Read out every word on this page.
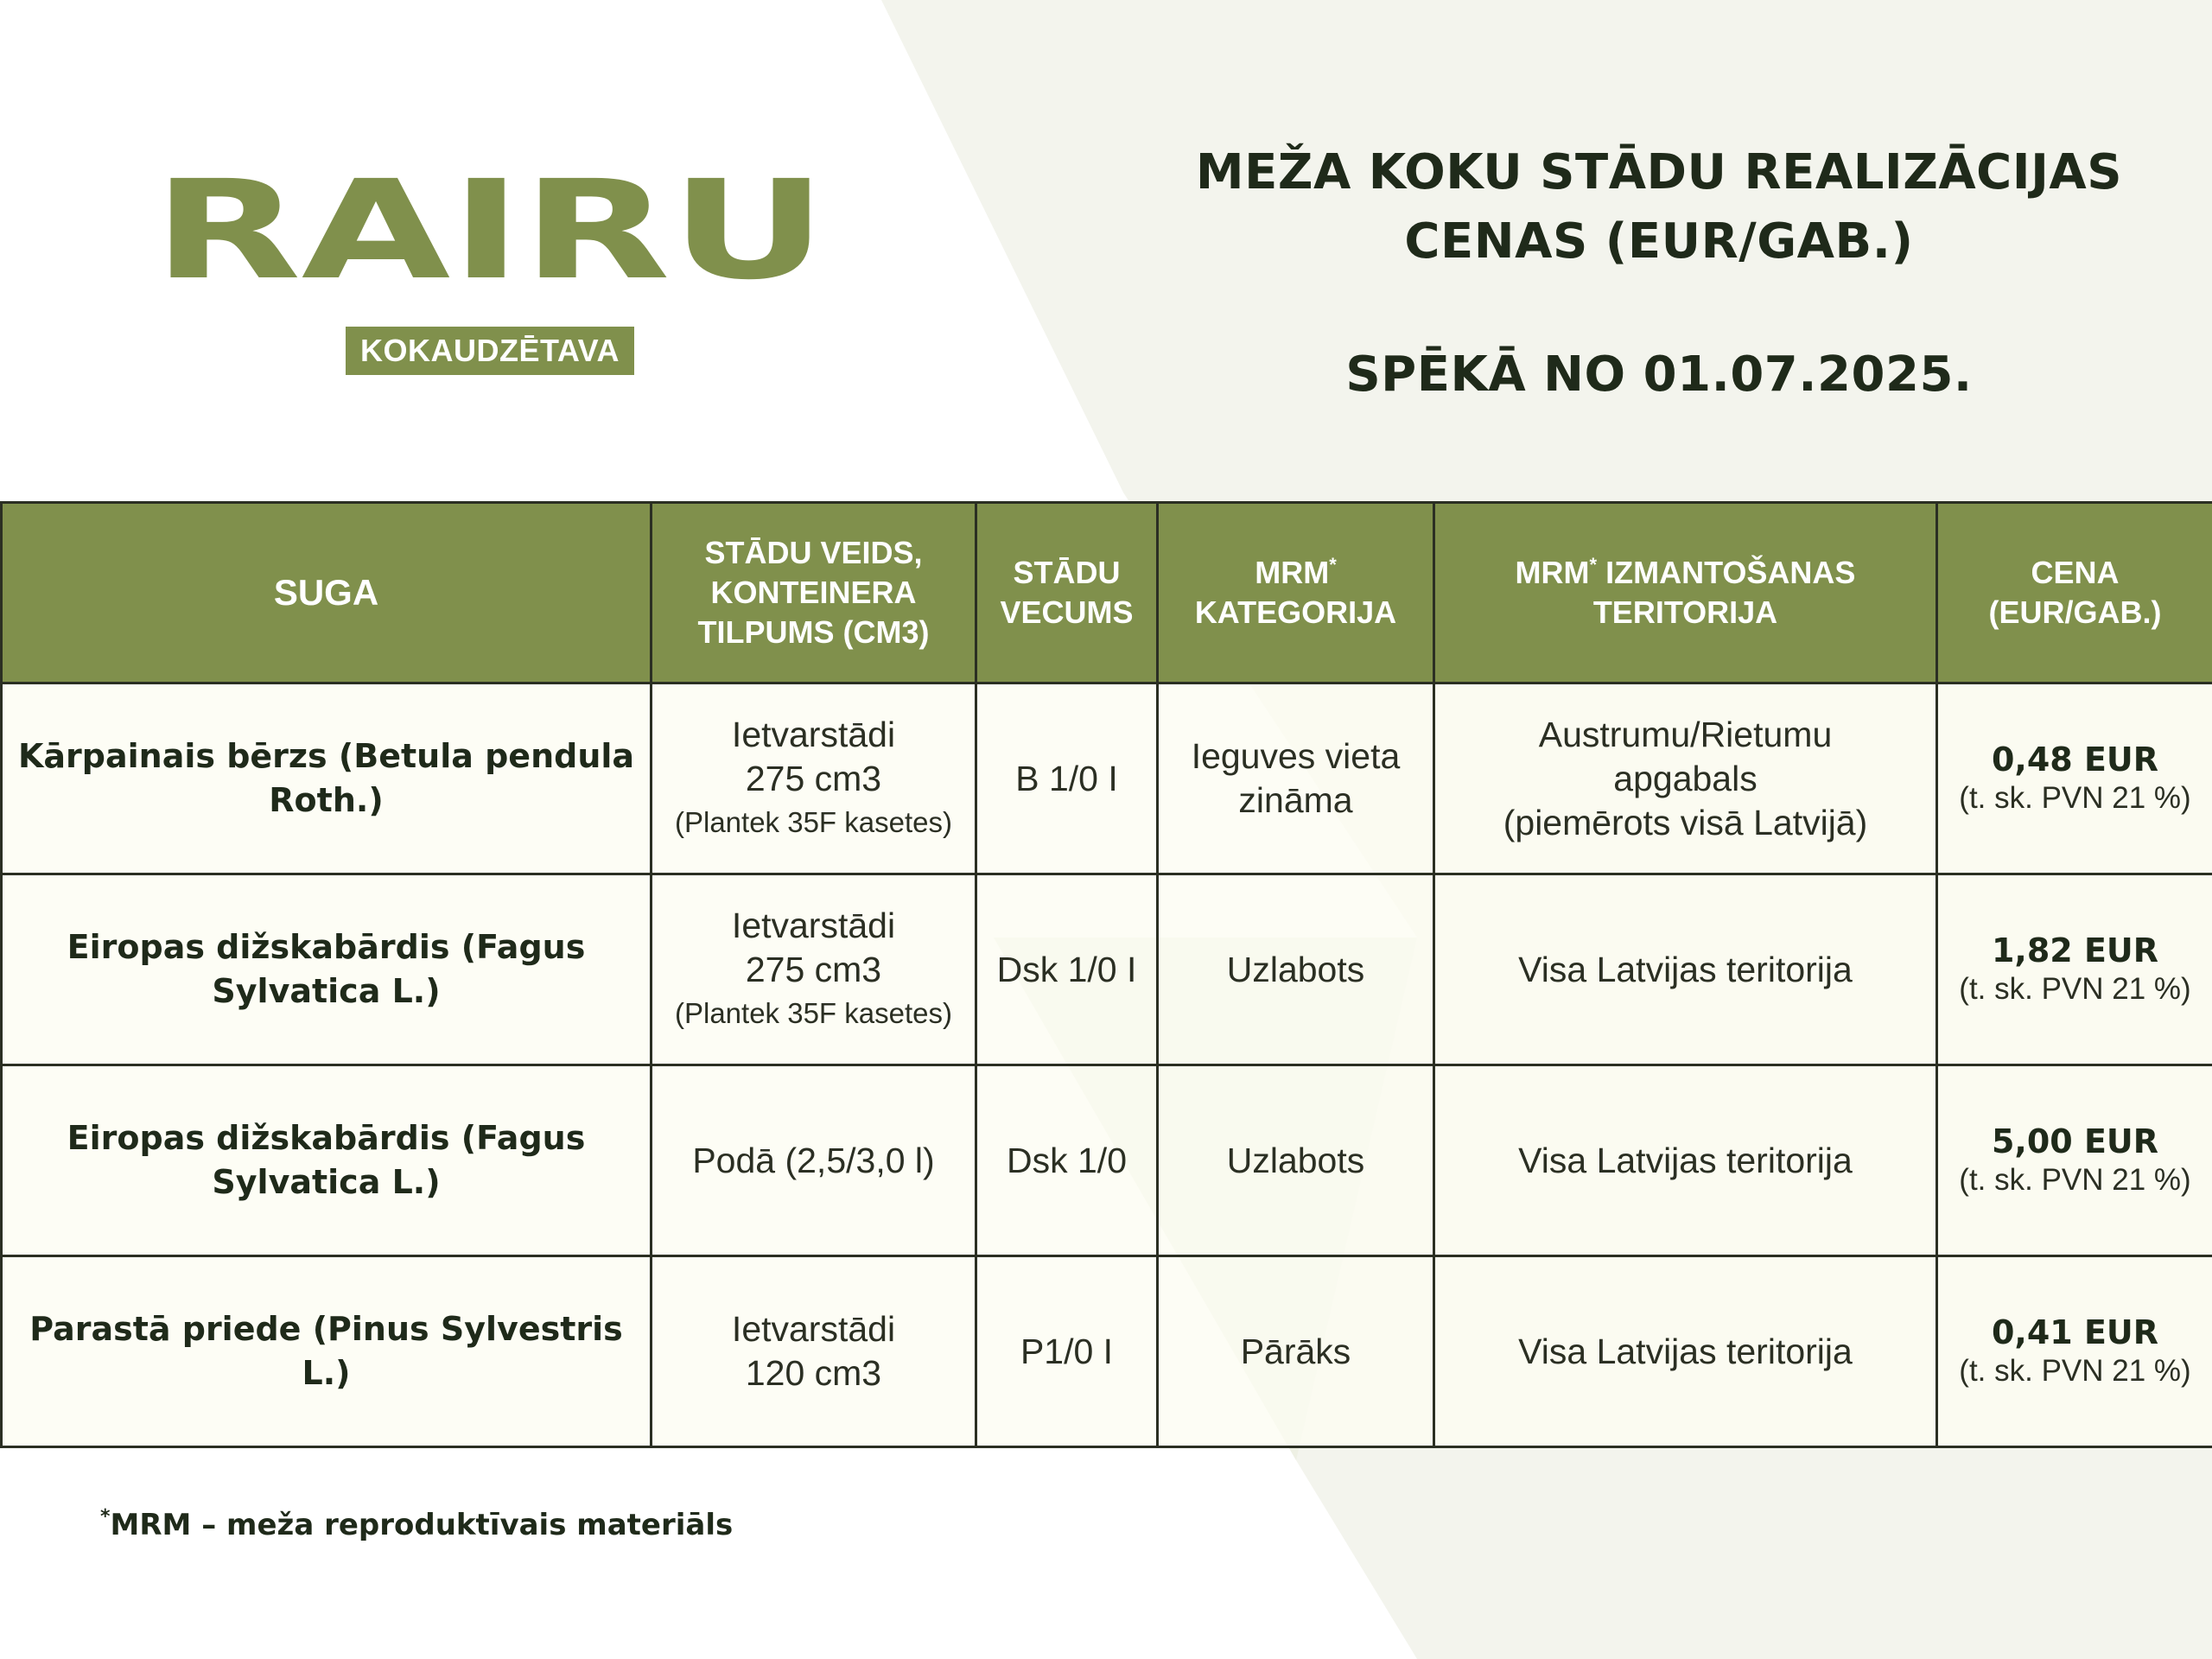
RAIRU
KOKAUDZĒTAVA
MEŽA KOKU STĀDU REALIZĀCIJAS
CENAS (EUR/GAB.)
SPĒKĀ NO 01.07.2025.
SUGA	STĀDU VEIDS,
KONTEINERA
TILPUMS (CM3)	STĀDU
VECUMS	MRM*
KATEGORIJA	MRM* IZMANTOŠANAS
TERITORIJA	CENA
(EUR/GAB.)
Kārpainais bērzs (Betula pendula
Roth.)	Ietvarstādi
275 cm3
(Plantek 35F kasetes)	B 1/0 I	Ieguves vieta
zināma	Austrumu/Rietumu
apgabals
(piemērots visā Latvijā)	0,48 EUR
(t. sk. PVN 21 %)

Eiropas dižskabārdis (Fagus
Sylvatica L.)	Ietvarstādi
275 cm3
(Plantek 35F kasetes)	Dsk 1/0 I	Uzlabots	Visa Latvijas teritorija	1,82 EUR
(t. sk. PVN 21 %)

Eiropas dižskabārdis (Fagus
Sylvatica L.)	Podā (2,5/3,0 l)	Dsk 1/0	Uzlabots	Visa Latvijas teritorija	5,00 EUR
(t. sk. PVN 21 %)

Parastā priede (Pinus Sylvestris L.)	Ietvarstādi
120 cm3	P1/0 I	Pārāks	Visa Latvijas teritorija	0,41 EUR
(t. sk. PVN 21 %)
*MRM – meža reproduktīvais materiāls
